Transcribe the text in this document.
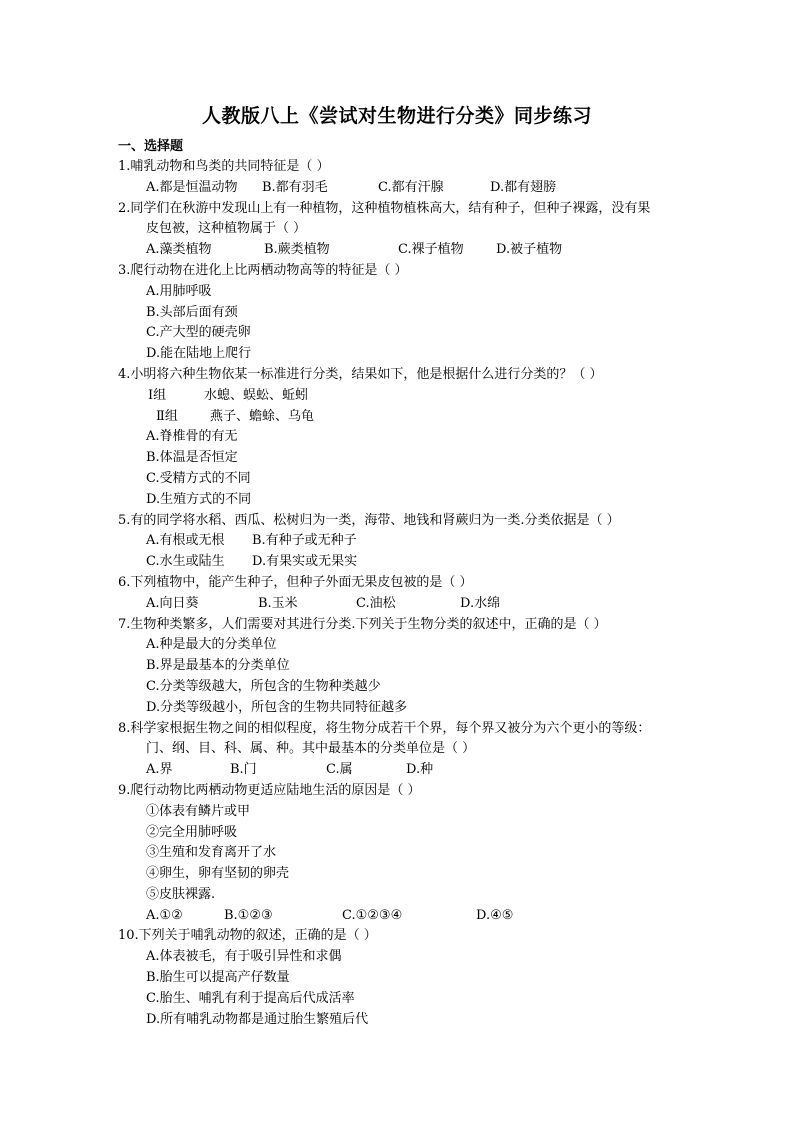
人教版八上《尝试对生物进行分类》同步练习
一、选择题
1.哺乳动物和鸟类的共同特征是（ ）
A.都是恒温动物	B.都有羽毛	C.都有汗腺	D.都有翅膀
2.同学们在秋游中发现山上有一种植物，这种植物植株高大，结有种子，但种子裸露，没有果
皮包被，这种植物属于（ ）
A.藻类植物	B.蕨类植物	C.裸子植物	D.被子植物
3.爬行动物在进化上比两栖动物高等的特征是（ ）
A.用肺呼吸
B.头部后面有颈
C.产大型的硬壳卵
D.能在陆地上爬行
4.小明将六种生物依某一标准进行分类，结果如下，他是根据什么进行分类的？（ ）
Ⅰ组	水螅、蜈蚣、蚯蚓
Ⅱ组 燕子、蟾蜍、乌龟
A.脊椎骨的有无
B.体温是否恒定
C.受精方式的不同
D.生殖方式的不同
5.有的同学将水稻、西瓜、松树归为一类，海带、地钱和肾蕨归为一类.分类依据是（ ）
A.有根或无根	B.有种子或无种子
C.水生或陆生	D.有果实或无果实
6.下列植物中，能产生种子，但种子外面无果皮包被的是（ ）
A.向日葵	B.玉米	C.油松	D.水绵
7.生物种类繁多，人们需要对其进行分类.下列关于生物分类的叙述中，正确的是（ ）
A.种是最大的分类单位
B.界是最基本的分类单位
C.分类等级越大，所包含的生物种类越少
D.分类等级越小，所包含的生物共同特征越多
8.科学家根据生物之间的相似程度，将生物分成若干个界，每个界又被分为六个更小的等级：
门、纲、目、科、属、种。其中最基本的分类单位是（ ）
A.界	B.门	C.属	D.种
9.爬行动物比两栖动物更适应陆地生活的原因是（ ）
①体表有鳞片或甲
②完全用肺呼吸
③生殖和发育离开了水
④卵生，卵有坚韧的卵壳
⑤皮肤裸露.
A.①②	B.①②③	C.①②③④	D.④⑤
10.下列关于哺乳动物的叙述，正确的是（ ）
A.体表被毛，有于吸引异性和求偶
B.胎生可以提高产仔数量
C.胎生、哺乳有利于提高后代成活率
D.所有哺乳动物都是通过胎生繁殖后代
